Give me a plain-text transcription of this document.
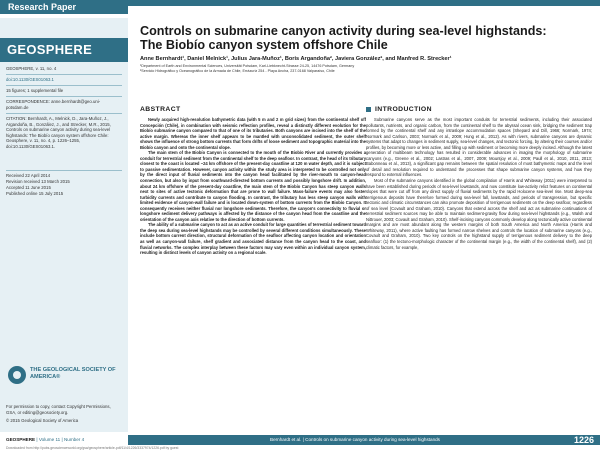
Research Paper
GEOSPHERE
GEOSPHERE, v. 11, no. 4
doi:10.1130/GES01063.1
15 figures; 1 supplemental file
CORRESPONDENCE: anne.bernhardt@geo.uni-potsdam.de
CITATION: Bernhardt, A., Melnick, D., Jara-Muñoz, J., Argandoña, B., González, J., and Strecker, M.R., 2015, Controls on submarine canyon activity during sea-level highstands: The Biobío canyon system offshore Chile: Geosphere, v. 11, no. 4, p. 1226–1255, doi:10.1130/GES01063.1.
Received 22 April 2014
Revision received 13 March 2015
Accepted 11 June 2015
Published online 15 July 2015
THE GEOLOGICAL SOCIETY OF AMERICA®
For permission to copy, contact Copyright Permissions, GSA, or editing@geosociety.org.
© 2015 Geological Society of America
Controls on submarine canyon activity during sea-level highstands:
The Biobío canyon system offshore Chile
Anne Bernhardt¹, Daniel Melnick¹, Julius Jara-Muñoz¹, Boris Argandoña², Javiera González², and Manfred R. Strecker¹
¹Department of Earth and Environmental Sciences, Universität Potsdam, Karl-Liebknecht-Strasse 24-25, 14476 Potsdam, Germany
²Servicio Hidrográfico y Oceanográfico de la Armada de Chile, Errázuriz 254 - Playa Ancha, 237-0168 Valparaíso, Chile
ABSTRACT	INTRODUCTION

Newly acquired high-resolution bathymetric data (with 5 m and 2 m grid sizes) from the continental shelf off Concepción (Chile), in combination with seismic reflection profiles, reveal a distinctly different evolution for the Biobío submarine canyon compared to that of one of its tributaries. Both canyons are incised into the shelf of the active margin. Whereas the inner shelf appears to be mantled with unconsolidated sediment, the outer shelf shows the influence of strong bottom currents that form drifts of loose sediment and topographic material into the Biobío canyon and onto the continental slope.

The main stem of the Biobío Canyon is connected to the mouth of the Biobío River and currently provides a conduit for terrestrial sediment from the continental shelf to the deep seafloor. In contrast, the head of its tributary closest to the coast is located ~24 km offshore of the present-day coastline at 120 m water depth, and it is subject to passive sedimentation. However, canyon activity within the study area is interpreted to be controlled not only by the direct input of fluvial sediments into the canyon head facilitated by the river-mouth to canyon-head connection, but also by input from southward-directed bottom currents and possibly longshore drift. In addition, about 24 km offshore of the present-day coastline, the main stem of the Biobío Canyon has steep canyon walls next to sites of active tectonic deformation that are prone to wall failure. Mass-failure events may also foster turbidity currents and contribute to canyon flooding. In contrast, the tributary has less steep canyon walls with limited evidence of canyon-wall failure and is located down-system of bottom currents from the Biobío Canyon. It consequently receives neither fluvial nor longshore sediments. Therefore, the canyon's connectivity to fluvial or longshore sediment delivery pathways is affected by the distance of the canyon head from the coastline and the orientation of the canyon axis relative to the direction of bottom currents.

The ability of a submarine canyon to act as an active conduit for large quantities of terrestrial sediment toward the deep sea during sea-level highstands may be controlled by several different conditions simultaneously. These include bottom current direction, structural deformation of the seafloor affecting canyon location and orientation as well as canyon-wall failure, shelf gradient and associated distance from the canyon head to the coast, and fluvial networks. The complex interplay between these factors may vary even within an individual canyon system, resulting in distinct levels of canyon activity on a regional scale.

Submarine canyons serve as the most important conduits for terrestrial sediments, including their associated pollutants, nutrients, and organic carbon, from the continental shelf to the abyssal ocean sink, bridging the sediment trap formed by the continental shelf and any intraslope accommodation spaces (Shepard and Dill, 1966; Normark, 1974; Normark and Carlson, 2003; Normark et al., 2009; Hung et al., 2012). As with rivers, submarine canyons are dynamic systems that adapt to changes in sediment supply, sea-level changes, and tectonic forcing, by altering their courses and/or profiles, by becoming more or less active, and filling up with sediment or becoming more deeply incised. Although the latest generation of multibeam technology has resulted in considerable advances in imaging the morphology of submarine canyons (e.g., Greene et al., 2002; Lastras et al., 2007, 2009; Mountjoy et al., 2009; Paull et al., 2010, 2011, 2013; Babonneau et al., 2013), a significant gap remains between the spatial resolution of most bathymetric maps and the level of detail and resolution required to understand the processes that shape submarine canyon systems, and how they respond to external influences.

Most of the submarine canyons identified in the global compilation of Harris and Whiteway (2011) were interpreted to have been established during periods of sea-level lowstands, and now constitute low-activity relict features on continental slopes that were cut off from any direct supply of fluvial sediments by the rapid Holocene sea-level rise. Most deep-sea terrigenous deposits have therefore formed during sea-level fall, lowstands, and periods of transgression, but specific tectonic and climatic circumstances can also promote deposition of terrigenous sediments on the deep seafloor, regardless of sea level (Covault and Graham, 2010). Canyons that extend across the shelf and act as submarine continuations of terrestrial sediment sources may be able to maintain sediment-gravity flow during sea-level highstands (e.g., Walsh and Nittrouer, 2003; Covault and Graham, 2010). Shelf-incising canyons commonly develop along tectonically active continental margins and are most abundant along the western margins of both South America and North America (Harris and Whiteway, 2011), where active faulting has formed narrow shelves and controls the location of submarine canyons (e.g., Covault and Graham, 2010). Two key controls on the highstand supply of terrigenous sediment delivery to the deep seafloor: (1) the tectono-morphologic character of the continental margin (e.g., the width of the continental shelf), and (2) climatic factors, for example,

GEOSPHERE | Volume 11 | Number 4	Bernhardt et al. | Controls on submarine canyon activity during sea-level highstands	1226
Downloaded from http://pubs.geoscienceworld.org/gsa/geosphere/article-pdf/11/4/1226/3337974/1226.pdf by guest
